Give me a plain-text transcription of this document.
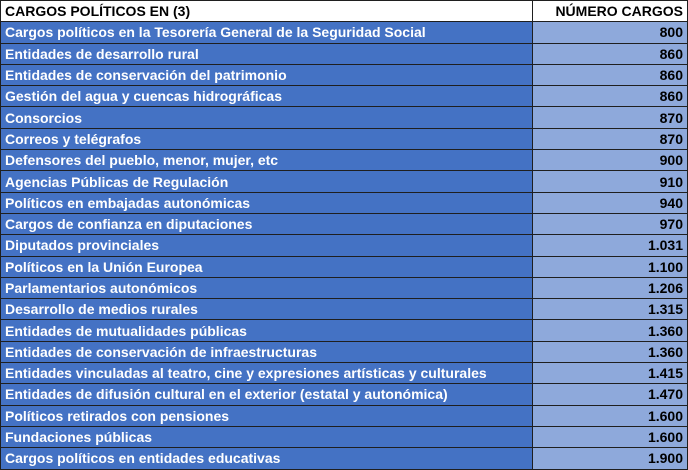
CARGOS POLÍTICOS EN (3)	NÚMERO CARGOS
Cargos políticos en la Tesorería General de la Seguridad Social	800
Entidades de desarrollo rural	860
Entidades de conservación del patrimonio	860
Gestión del agua y cuencas hidrográficas	860
Consorcios	870
Correos y telégrafos	870
Defensores del pueblo, menor, mujer, etc	900
Agencias Públicas de Regulación	910
Políticos en embajadas autonómicas	940
Cargos de confianza en diputaciones	970
Diputados provinciales	1.031
Políticos en la Unión Europea	1.100
Parlamentarios autonómicos	1.206
Desarrollo de medios rurales	1.315
Entidades de mutualidades públicas	1.360
Entidades de conservación de infraestructuras	1.360
Entidades vinculadas al teatro, cine y expresiones artísticas y culturales	1.415
Entidades de difusión cultural en el exterior (estatal y autonómica)	1.470
Políticos retirados con pensiones	1.600
Fundaciones públicas	1.600
Cargos políticos en entidades educativas	1.900
